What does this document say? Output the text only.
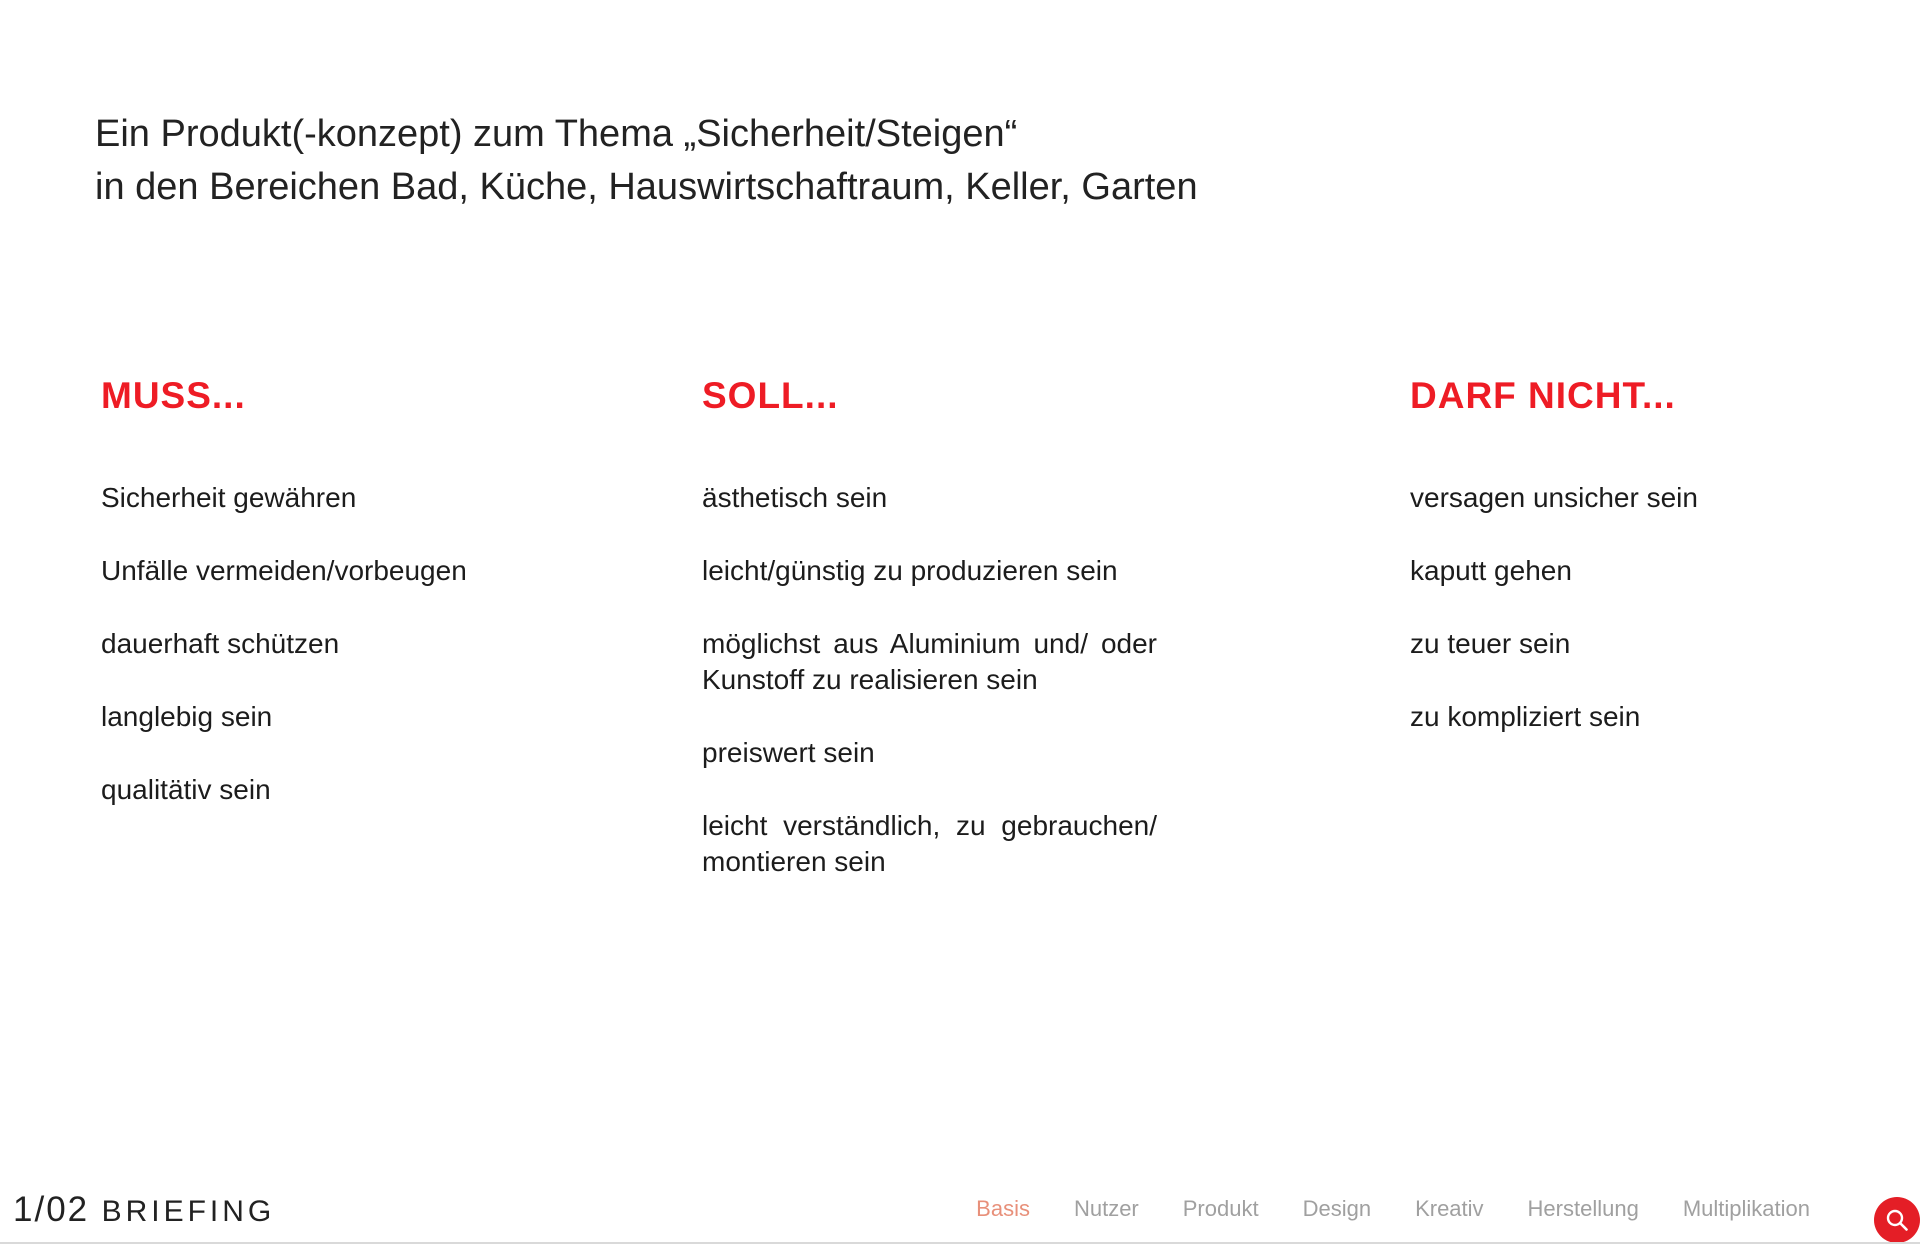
Ein Produkt(-konzept) zum Thema „Sicherheit/Steigen“
in den Bereichen Bad, Küche, Hauswirtschaftraum, Keller, Garten
MUSS...
Sicherheit gewähren
Unfälle vermeiden/vorbeugen
dauerhaft schützen
langlebig sein
qualitätiv sein
SOLL...
ästhetisch sein
leicht/günstig zu produzieren sein
möglichst aus Aluminium und/ oder Kunstoff zu realisieren sein
preiswert sein
leicht verständlich, zu gebrauchen/ montieren sein
DARF NICHT...
versagen unsicher sein
kaputt gehen
zu teuer sein
zu kompliziert sein
1/02 BRIEFING	Basis Nutzer Produkt Design Kreativ Herstellung Multiplikation
